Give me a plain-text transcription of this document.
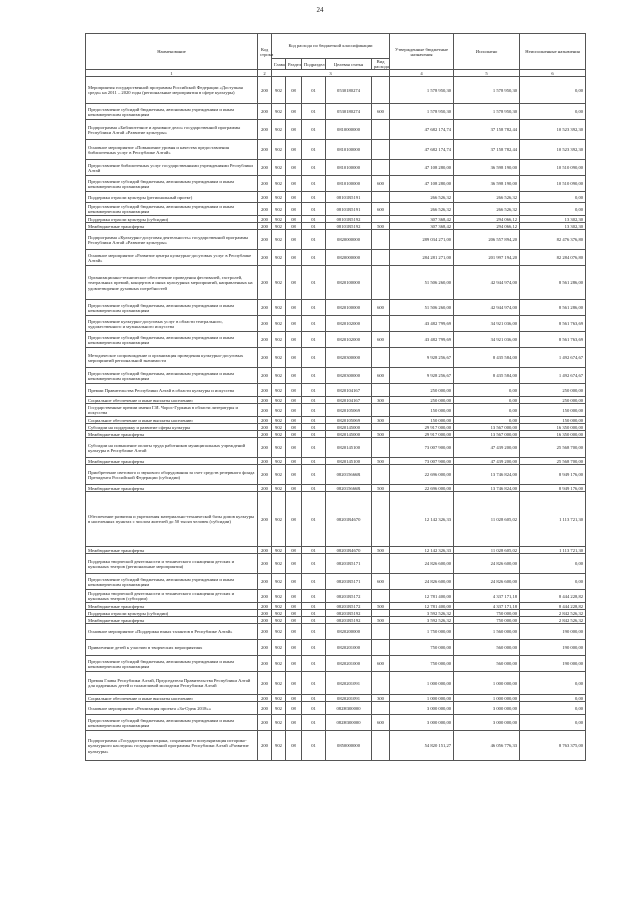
24
Наименование	Код строки	Код расхода по бюджетной классификации					Утвержденные бюджетные назначения	Исполнено	Неисполненные назначения
		Глава	Раздел	Подраздел	Целевая статья	Вид расхода			
1	2	3					4	5	6
Мероприятия государственной программы Российской Федерации «Доступная среда» на 2011 – 2020 годы (региональные мероприятия в сфере культуры)	200	902	08	01	0530180274		1 578 950,30	1 578 950,30	0,00
Предоставление субсидий бюджетным, автономным учреждениям и иным некоммерческим организациям	200	902	08	01	0530180274	600	1 578 950,30	1 578 950,30	0,00
Подпрограмма «Библиотечное и архивное дело» государственной программы Республики Алтай «Развитие культуры»	200	902	08	01	0810000000		47 682 174,74	37 158 782,44	10 523 392,30
Основное мероприятие «Повышение уровня и качества предоставления библиотечных услуг в Республике Алтай»	200	902	08	01	0810100000		47 682 174,74	37 158 782,44	10 523 392,30
Предоставление библиотечных услуг государственными учреждениями Республики Алтай	200	902	08	01	0810100000		47 108 280,00	36 598 190,00	10 510 090,00
Предоставление субсидий бюджетным, автономным учреждениям и иным некоммерческим организациям	200	902	08	01	0810100000	600	47 108 280,00	36 598 190,00	10 510 090,00
Поддержка отрасли культуры (региональный проект)	200	902	08	01	08101R5191		266 526,32	266 526,32	0,00
Предоставление субсидий бюджетным, автономным учреждениям и иным некоммерческим организациям	200	902	08	01	08101R5191	600	266 526,32	266 526,32	0,00
Поддержка отрасли культуры (субсидии)	200	902	08	01	08101R5192		307 368,42	294 066,12	13 302,30
Межбюджетные трансферты	200	902	08	01	08101R5192	500	307 368,42	294 066,12	13 302,30
Подпрограмма «Культурно-досуговая деятельность» государственной программы Республики Алтай «Развитие культуры»	200	902	08	01	0820000000		289 034 271,00	206 557 894,20	82 476 376,80
Основное мероприятие «Развитие центра культурно-досуговых услуг в Республике Алтай»	200	902	08	01	0820000000		284 281 271,00	201 997 194,20	82 284 076,80
Организационно-техническое обеспечение проведения фестивалей, гастролей, театральных премий, концертов и иных культурных мероприятий, направленных на удовлетворение духовных потребностей	200	902	08	01	0820100000		51 506 260,00	42 944 974,00	8 561 286,00
Предоставление субсидий бюджетным, автономным учреждениям и иным некоммерческим организациям	200	902	08	01	0820100000	600	51 506 260,00	42 944 974,00	8 561 286,00
Предоставление культурно-досуговых услуг в области театрального, художественного и музыкального искусства	200	902	08	01	0820102000		43 482 799,69	34 921 036,00	8 561 763,69
Предоставление субсидий бюджетным, автономным учреждениям и иным некоммерческим организациям	200	902	08	01	0820102000	600	43 482 799,69	34 921 036,00	8 561 763,69
Методическое сопровождение и организация проведения культурно-досуговых мероприятий региональной значимости	200	902	08	01	0820300000		9 928 256,67	8 435 584,00	1 492 674,67
Предоставление субсидий бюджетным, автономным учреждениям и иным некоммерческим организациям	200	902	08	01	0820300000	600	9 928 256,67	8 435 584,00	1 492 674,67
Премии Правительства Республики Алтай в области культуры и искусства	200	902	08	01	0820104167		250 000,00	0,00	250 000,00
Социальное обеспечение и иные выплаты населению	200	902	08	01	0820104167	300	250 000,00	0,00	250 000,00
Государственные премии имени Г.И. Чорос-Гуркина в области литературы и искусства	200	902	08	01	0820105069		150 000,00	0,00	150 000,00
Социальное обеспечение и иные выплаты населению	200	902	08	01	0820105069	300	150 000,00	0,00	150 000,00
Субсидии на поддержку и развитие сферы культуры	200	902	08	01	0820145000		29 917 000,00	13 567 000,00	16 350 000,00
Межбюджетные трансферты	200	902	08	01	0820145000	500	29 917 000,00	13 567 000,00	16 350 000,00
Субсидии на повышение оплаты труда работников муниципальных учреждений культуры в Республике Алтай	200	902	08	01	0820145100		73 007 900,00	47 439 200,00	25 568 700,00
Межбюджетные трансферты	200	902	08	01	0820145100	500	73 007 900,00	47 439 200,00	25 568 700,00
Приобретение светового и звукового оборудования за счет средств резервного фонда Президента Российской Федерации (субсидии)	200	902	08	01	082015666R		22 696 000,00	13 746 824,00	8 949 176,00
Межбюджетные трансферты	200	902	08	01	082015666R	500	22 696 000,00	13 746 824,00	8 949 176,00
Обеспечение развития и укрепления материально-технической базы домов культуры в населенных пунктах с числом жителей до 50 тысяч человек (субсидии)	200	902	08	01	08201R4670		12 142 326,33	11 028 605,02	1 113 721,30
Межбюджетные трансферты	200	902	08	01	08201R4670	500	12 142 326,33	11 028 605,02	1 113 721,30
Поддержка творческой деятельности и технического оснащения детских и кукольных театров (региональные мероприятия)	200	902	08	01	08201R5171		24 826 600,00	24 826 600,00	0,00
Предоставление субсидий бюджетным, автономным учреждениям и иным некоммерческим организациям	200	902	08	01	08201R5171	600	24 826 600,00	24 826 600,00	0,00
Поддержка творческой деятельности и технического оснащения детских и кукольных театров (субсидии)	200	902	08	01	08201R5172		12 781 400,00	4 337 171,18	8 444 228,82
Межбюджетные трансферты	200	902	08	01	08201R5172	500	12 781 400,00	4 337 171,18	8 444 228,82
Поддержка отрасли культуры (субсидии)	200	902	08	01	08201R5192		3 592 526,32	750 000,00	2 842 526,32
Межбюджетные трансферты	200	902	08	01	08201R5192	500	3 592 526,32	750 000,00	2 842 526,32
Основное мероприятие «Поддержка юных талантов в Республике Алтай»	200	902	08	01	0820200000		1 750 000,00	1 560 000,00	190 000,00
Привлечение детей к участию в творческих мероприятиях	200	902	08	01	0820201000		750 000,00	560 000,00	190 000,00
Предоставление субсидий бюджетным, автономным учреждениям и иным некоммерческим организациям	200	902	08	01	0820201000	600	750 000,00	560 000,00	190 000,00
Премия Главы Республики Алтай, Председателя Правительства Республики Алтай для одаренных детей и талантливой молодежи Республики Алтай	200	902	08	01	0820201091		1 000 000,00	1 000 000,00	0,00
Социальное обеспечение и иные выплаты населению	200	902	08	01	0820201091	300	1 000 000,00	1 000 000,00	0,00
Основное мероприятие «Реализация проекта «За-Одеж 2018»»	200	902	08	01	082Н300000		3 000 000,00	3 000 000,00	0,00
Предоставление субсидий бюджетным, автономным учреждениям и иным некоммерческим организациям	200	902	08	01	082Н300000	600	3 000 000,00	3 000 000,00	0,00
Подпрограмма «Государственная охрана, сохранение и популяризация историко-культурного наследия» государственной программы Республики Алтай «Развитие культуры»	200	902	08	01	0850000000		54 820 151,27	46 056 776,33	8 763 375,00
